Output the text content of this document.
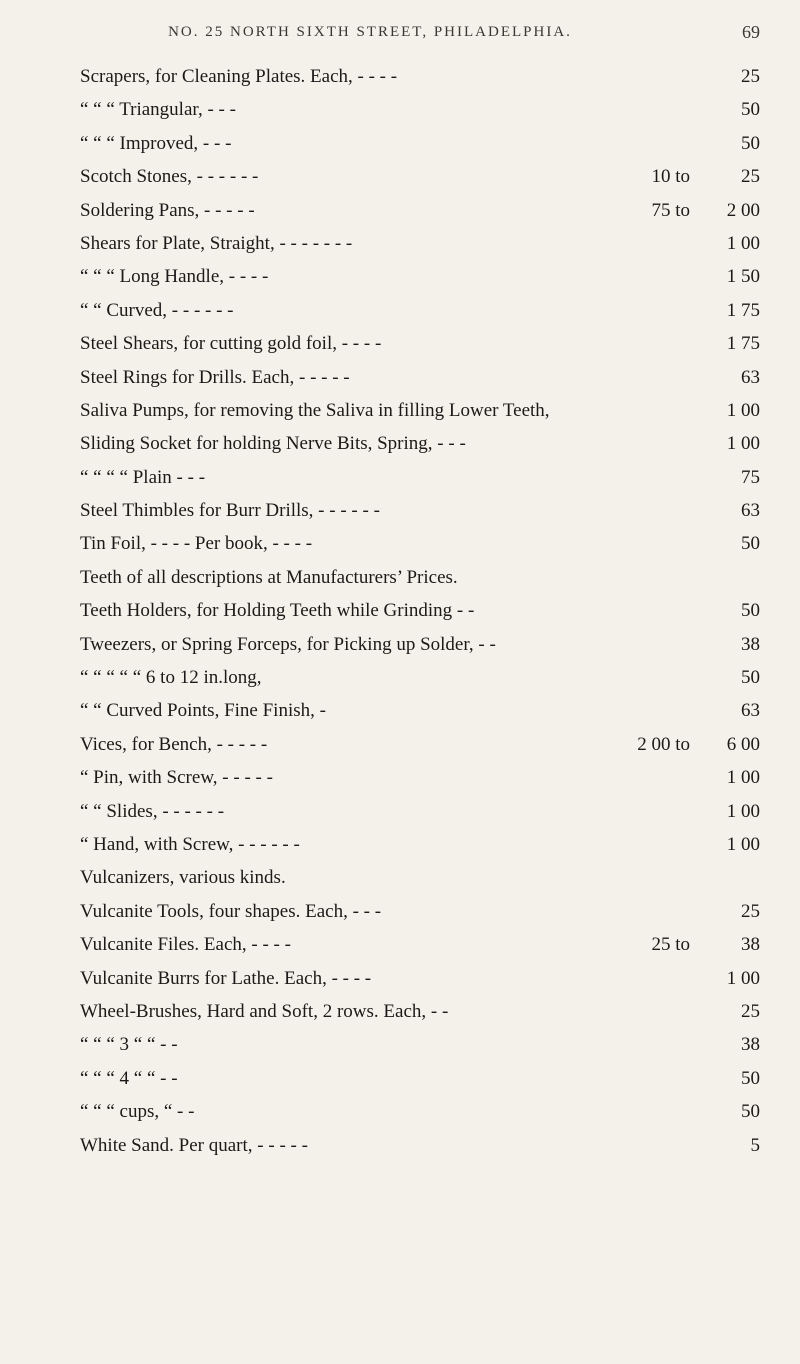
NO. 25 NORTH SIXTH STREET, PHILADELPHIA.	69
Scrapers, for Cleaning Plates. Each, - - - -	25
“ “ “ Triangular, - - -	50
“ “ “ Improved, - - -	50
Scotch Stones, - - - - - -	10 to	25
Soldering Pans, - - - - -	75 to	2 00
Shears for Plate, Straight, - - - - - - -	1 00
“ “ “ Long Handle, - - - -	1 50
“ “ Curved, - - - - - -	1 75
Steel Shears, for cutting gold foil, - - - -	1 75
Steel Rings for Drills. Each, - - - - -	63
Saliva Pumps, for removing the Saliva in filling Lower Teeth,	1 00
Sliding Socket for holding Nerve Bits, Spring, - - -	1 00
“ “ “ “ Plain - - -	75
Steel Thimbles for Burr Drills, - - - - - -	63
Tin Foil, - - - - Per book, - - - -	50
Teeth of all descriptions at Manufacturers’ Prices.
Teeth Holders, for Holding Teeth while Grinding - -	50
Tweezers, or Spring Forceps, for Picking up Solder, - -	38
“ “ “ “ “ 6 to 12 in.long,	50
“ “ Curved Points, Fine Finish, -	63
Vices, for Bench, - - - - -	2 00 to	6 00
“ Pin, with Screw, - - - - -	1 00
“ “ Slides, - - - - - -	1 00
“ Hand, with Screw, - - - - - -	1 00
Vulcanizers, various kinds.
Vulcanite Tools, four shapes. Each, - - -	25
Vulcanite Files. Each, - - - -	25 to	38
Vulcanite Burrs for Lathe. Each, - - - -	1 00
Wheel-Brushes, Hard and Soft, 2 rows. Each, - -	25
“ “ “ 3 “ “ - -	38
“ “ “ 4 “ “ - -	50
“ “ “ cups, “ - -	50
White Sand. Per quart, - - - - -	5
